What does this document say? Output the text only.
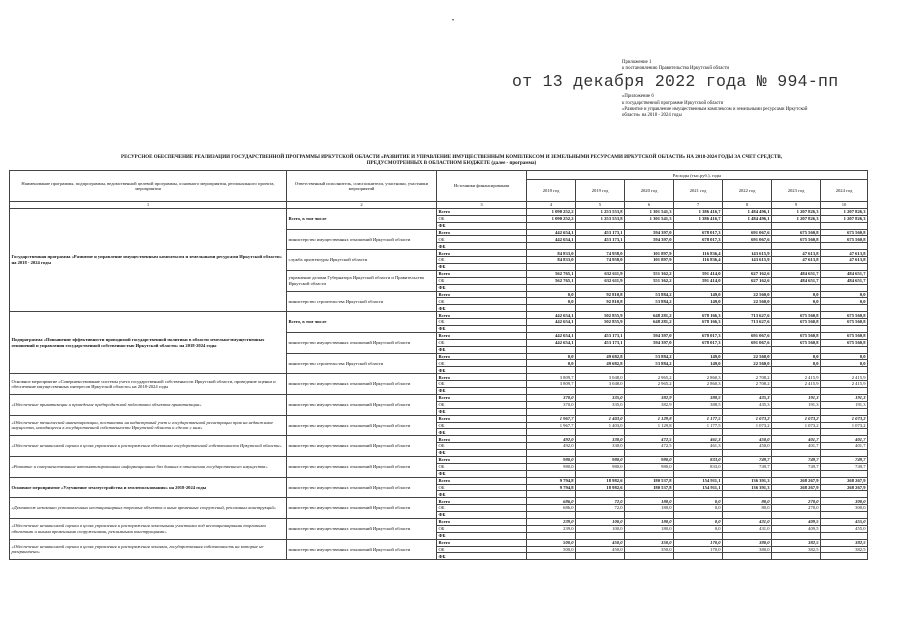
•
Приложение 1
к постановлению Правительства Иркутской области
«Приложение 6
к государственной программе Иркутской области
«Развитие и управление имущественным комплексом и земельными ресурсами Иркутской
области» на 2018 - 2024 годы
от 13 декабря 2022 года № 994-пп
РЕСУРСНОЕ ОБЕСПЕЧЕНИЕ РЕАЛИЗАЦИИ ГОСУДАРСТВЕННОЙ ПРОГРАММЫ ИРКУТСКОЙ ОБЛАСТИ «РАЗВИТИЕ И УПРАВЛЕНИЕ ИМУЩЕСТВЕННЫМ КОМПЛЕКСОМ И ЗЕМЕЛЬНЫМИ РЕСУРСАМИ ИРКУТСКОЙ ОБЛАСТИ» НА 2018-2024 ГОДЫ ЗА СЧЕТ СРЕДСТВ,
ПРЕДУСМОТРЕННЫХ В ОБЛАСТНОМ БЮДЖЕТЕ (далее - программа)
Наименование программы, подпрограммы, ведомственной целевой программы, основного мероприятия, регионального проекта, мероприятия	Ответственный исполнитель, соисполнители, участники, участники мероприятий	Источники финансирования	Расходы (тыс.руб.), годы						
			2018 год	2019 год	2020 год	2021 год	2022 год	2023 год	2024 год
1	2	3	4	5	6	7	8	9	10
Государственная программа «Развитие и управление имущественным комплексом и земельными ресурсами Иркутской области» на 2018 - 2024 годы	Всего, в том числе	Всего	1 090 252,2	1 253 553,8	1 301 541,3	1 386 416,7	1 484 496,1	1 207 826,3	1 207 826,3
		ОБ	1 090 252,2	1 253 553,8	1 301 541,3	1 386 416,7	1 484 496,1	1 207 826,3	1 207 826,3
		ФБ							
	министерство имущественных отношений Иркутской области	Всего	442 654,1	453 173,1	594 397,0	678 017,3	691 067,6	675 560,8	675 560,8
		ОБ	442 654,1	453 173,1	594 397,0	678 017,3	691 067,6	675 560,8	675 560,8
		ФБ							
	служба архитектуры Иркутской области	Всего	84 833,0	74 958,0	101 897,9	116 836,4	143 615,9	47 613,8	47 613,8
		ОБ	84 833,0	74 958,0	101 897,9	116 836,4	143 615,9	47 613,8	47 613,8
		ФБ							
	управление делами Губернатора Иркутской области и Правительства Иркутской области	Всего	562 765,1	632 611,9	551 362,2	591 414,0	627 162,6	484 651,7	484 651,7
		ОБ	562 765,1	632 611,9	551 362,2	591 414,0	627 162,6	484 651,7	484 651,7
		ФБ							
	министерство строительства Иркутской области	Всего	0,0	92 810,8	53 884,2	149,0	22 560,0	0,0	0,0
		ОБ	0,0	92 810,8	53 884,2	149,0	22 560,0	0,0	0,0
		ФБ							
Подпрограмма «Повышение эффективности проводимой государственной политики в области земельно-имущественных отношений и управления государственной собственностью Иркутской области» на 2018-2024 годы	Всего, в том числе	Всего	442 654,1	502 855,9	648 281,2	678 166,3	713 627,6	675 560,8	675 560,8
		ОБ	442 654,1	502 855,9	648 281,2	678 166,3	713 627,6	675 560,8	675 560,8
		ФБ							
	министерство имущественных отношений Иркутской области	Всего	442 654,1	453 173,1	594 397,0	678 017,3	691 067,6	675 560,8	675 560,8
		ОБ	442 654,1	453 173,1	594 397,0	678 017,3	691 067,6	675 560,8	675 560,8
		ФБ							
	министерство строительства Иркутской области	Всего	0,0	49 682,8	53 884,2	149,0	22 560,0	0,0	0,0
		ОБ	0,0	49 682,8	53 884,2	149,0	22 560,0	0,0	0,0
		ФБ							
Основное мероприятие «Совершенствование системы учета государственной собственности Иркутской области, проведение оценки и обеспечение имущественных интересов Иркутской области» на 2018-2024 годы	министерство имущественных отношений Иркутской области	Всего	3 809,7	3 048,0	2 965,2	2 860,3	2 708,2	2 415,9	2 415,9
		ОБ	3 809,7	3 048,0	2 965,2	2 860,3	2 708,2	2 415,9	2 415,9
		ФБ							
«Обеспечение приватизации и проведение предпродажной подготовки объектов приватизации»	министерство имущественных отношений Иркутской области	Всего	370,0	335,0	382,9	388,5	435,3	191,3	191,3
		ОБ	370,0	335,0	382,9	388,5	435,3	191,3	191,3
		ФБ							
«Обеспечение технической инвентаризации, постановки на кадастровый учет и государственной регистрации прав на недвижимое имущество, находящееся в государственной собственности Иркутской области и сделок с ним»	министерство имущественных отношений Иркутской области	Всего	1 967,7	1 403,0	1 129,8	1 177,5	1 073,2	1 073,2	1 073,2
		ОБ	1 967,7	1 403,0	1 129,8	1 177,5	1 073,2	1 073,2	1 073,2
		ФБ							
«Обеспечение независимой оценки в целях управления и распоряжения объектами государственной собственности Иркутской области»	министерство имущественных отношений Иркутской области	Всего	492,0	330,0	472,5	461,3	450,0	401,7	401,7
		ОБ	492,0	330,0	472,5	461,3	450,0	401,7	401,7
		ФБ							
«Развитие и совершенствование автоматизированных информационных баз данных в отношении государственного имущества»	министерство имущественных отношений Иркутской области	Всего	980,0	980,0	980,0	833,0	749,7	749,7	749,7
		ОБ	980,0	980,0	980,0	833,0	749,7	749,7	749,7
		ФБ							
Основное мероприятие «Улучшение землеустройства и землепользования» на 2018-2024 годы	министерство имущественных отношений Иркутской области	Всего	9 794,8	18 982,6	180 537,8	154 911,1	136 391,3	268 267,9	268 267,9
		ОБ	9 794,8	18 982,6	180 537,8	154 911,1	136 391,3	268 267,9	268 267,9
		ФБ							
«Демонтаж незаконно установленных нестационарных торговых объектов и иных временных сооружений, рекламных конструкций»	министерство имущественных отношений Иркутской области	Всего	686,0	72,0	180,0	0,0	80,0	270,0	300,0
		ОБ	686,0	72,0	180,0	0,0	80,0	270,0	300,0
		ФБ							
«Обеспечение независимой оценки в целях управления и распоряжения земельными участками под нестационарными торговыми объектами и иными временными сооружениями, рекламными конструкциями»	министерство имущественных отношений Иркутской области	Всего	239,0	100,0	180,0	0,0	431,0	409,5	455,0
		ОБ	239,0	100,0	180,0	0,0	431,0	409,5	455,0
		ФБ							
«Обеспечение независимой оценки в целях управления и распоряжения землями, государственная собственность на которые не разграничена»	министерство имущественных отношений Иркутской области	Всего	500,0	450,0	350,0	170,0	380,0	382,5	382,5
		ОБ	500,0	450,0	350,0	170,0	380,0	382,5	382,5
		ФБ							
